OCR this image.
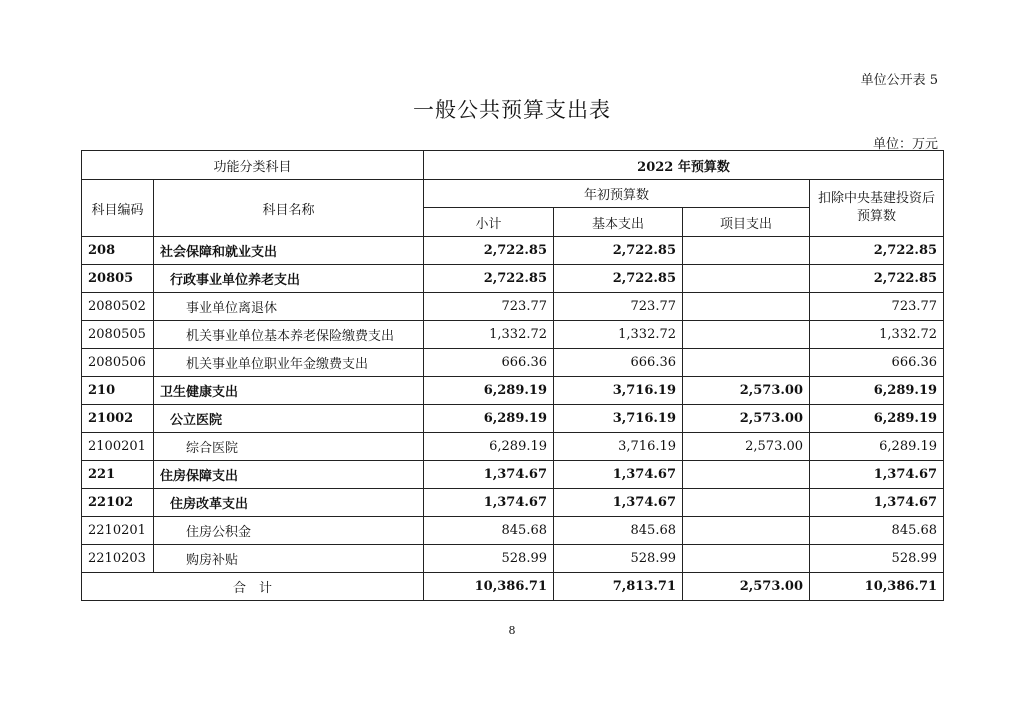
单位公开表 5
一般公共预算支出表
单位：万元
功能分类科目		2022 年预算数			
科目编码	科目名称	年初预算数			扣除中央基建投资后预算数
		小计	基本支出	项目支出	
208	社会保障和就业支出	2,722.85	2,722.85		2,722.85
20805	行政事业单位养老支出	2,722.85	2,722.85		2,722.85
2080502	事业单位离退休	723.77	723.77		723.77
2080505	机关事业单位基本养老保险缴费支出	1,332.72	1,332.72		1,332.72
2080506	机关事业单位职业年金缴费支出	666.36	666.36		666.36
210	卫生健康支出	6,289.19	3,716.19	2,573.00	6,289.19
21002	公立医院	6,289.19	3,716.19	2,573.00	6,289.19
2100201	综合医院	6,289.19	3,716.19	2,573.00	6,289.19
221	住房保障支出	1,374.67	1,374.67		1,374.67
22102	住房改革支出	1,374.67	1,374.67		1,374.67
2210201	住房公积金	845.68	845.68		845.68
2210203	购房补贴	528.99	528.99		528.99
合　计		10,386.71	7,813.71	2,573.00	10,386.71
8
